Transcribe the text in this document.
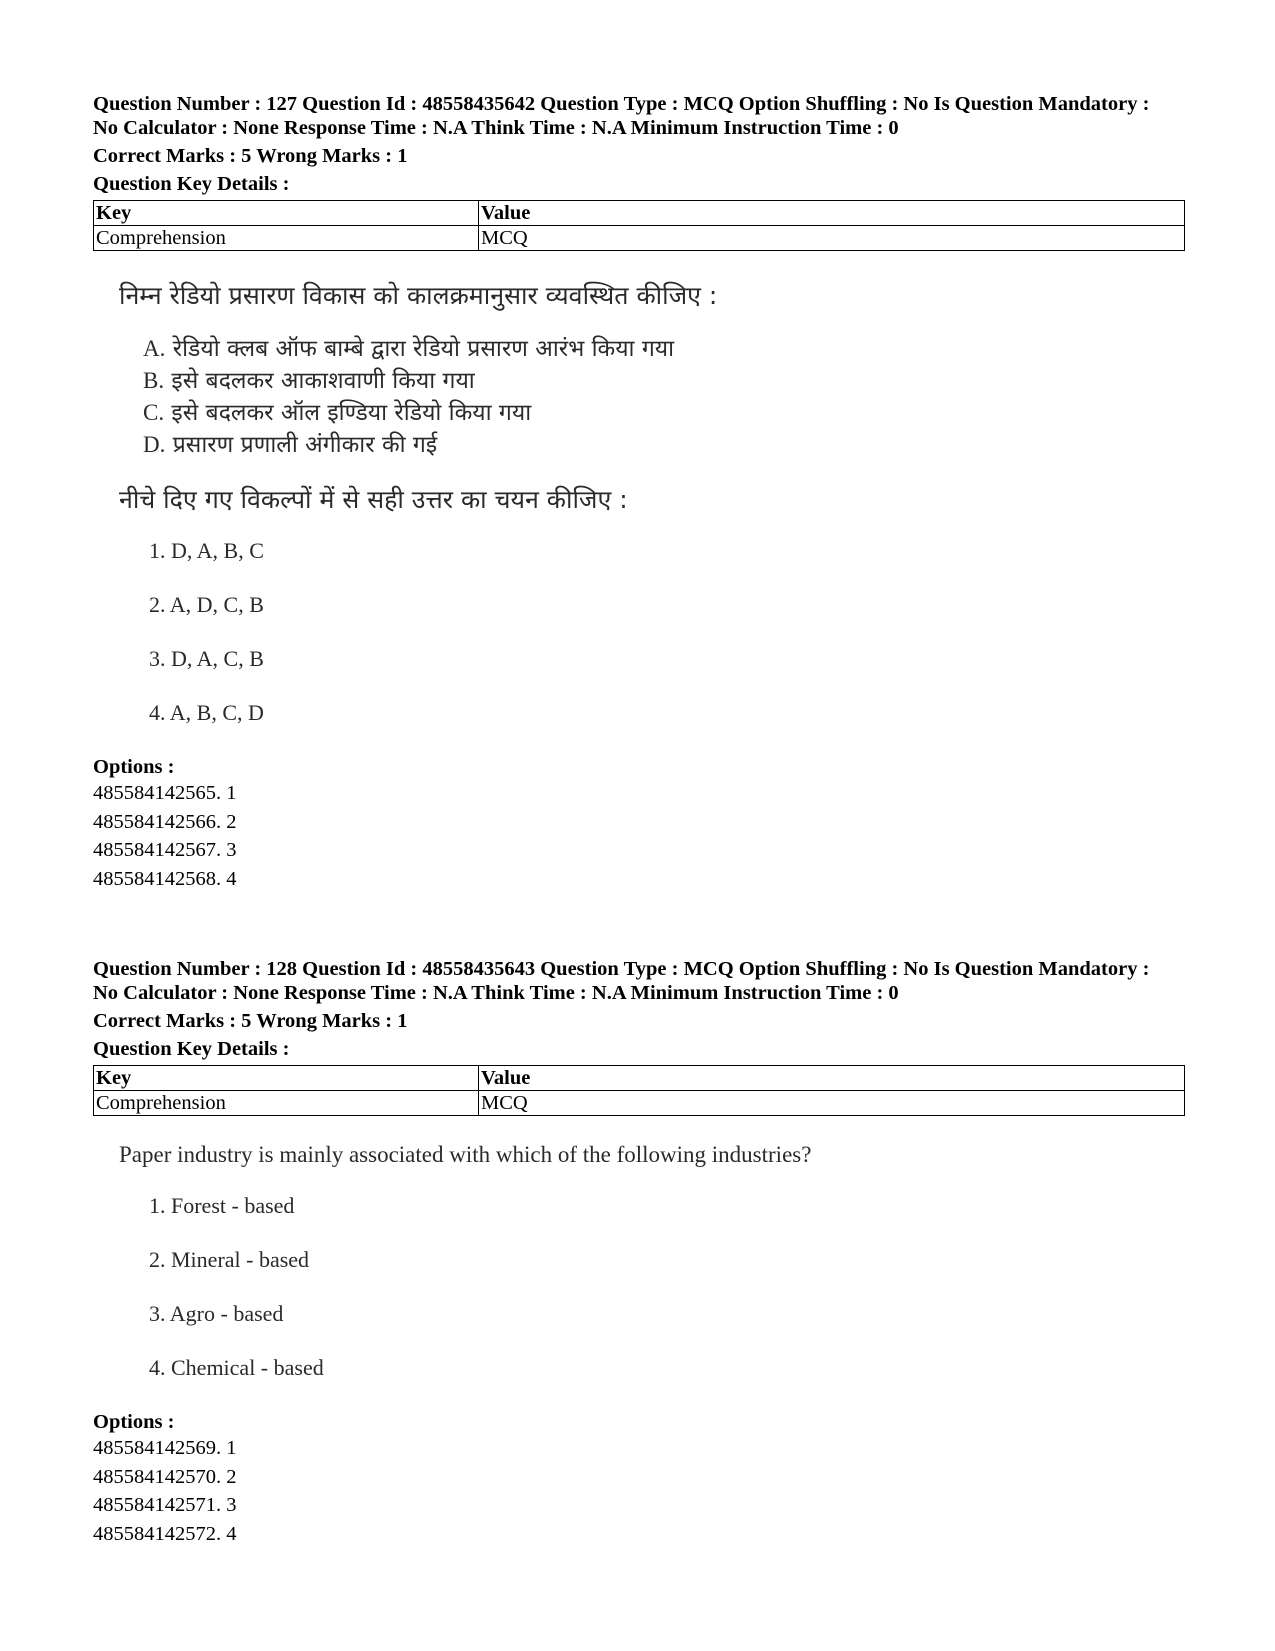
Question Number : 127 Question Id : 48558435642 Question Type : MCQ Option Shuffling : No Is Question Mandatory :

No Calculator : None Response Time : N.A Think Time : N.A Minimum Instruction Time : 0

Correct Marks : 5 Wrong Marks : 1
Question Key Details :
Key	Value
Comprehension	MCQ
निम्न रेडियो प्रसारण विकास को कालक्रमानुसार व्यवस्थित कीजिए :
A. रेडियो क्लब ऑफ बाम्बे द्वारा रेडियो प्रसारण आरंभ किया गया
B. इसे बदलकर आकाशवाणी किया गया
C. इसे बदलकर ऑल इण्डिया रेडियो किया गया
D. प्रसारण प्रणाली अंगीकार की गई
नीचे दिए गए विकल्पों में से सही उत्तर का चयन कीजिए :
1. D, A, B, C
2. A, D, C, B
3. D, A, C, B
4. A, B, C, D
Options :
485584142565. 1
485584142566. 2
485584142567. 3
485584142568. 4

Question Number : 128 Question Id : 48558435643 Question Type : MCQ Option Shuffling : No Is Question Mandatory :

No Calculator : None Response Time : N.A Think Time : N.A Minimum Instruction Time : 0

Correct Marks : 5 Wrong Marks : 1
Question Key Details :
Key	Value
Comprehension	MCQ
Paper industry is mainly associated with which of the following industries?
1. Forest - based
2. Mineral - based
3. Agro - based
4. Chemical - based
Options :
485584142569. 1
485584142570. 2
485584142571. 3
485584142572. 4
